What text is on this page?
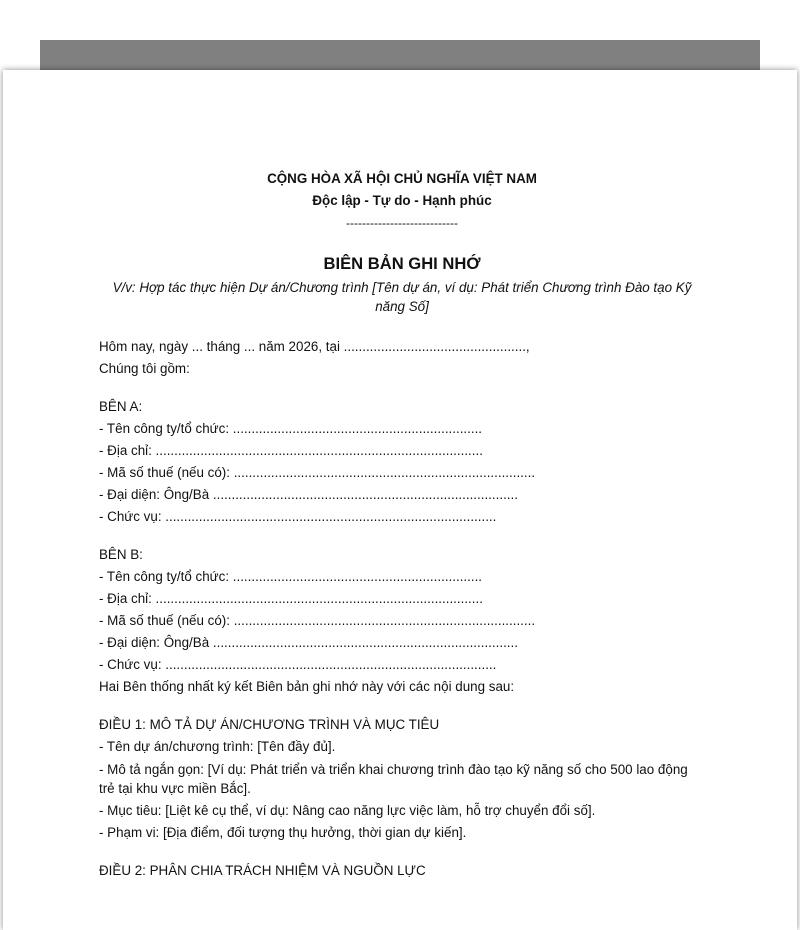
CỘNG HÒA XÃ HỘI CHỦ NGHĨA VIỆT NAM
Độc lập - Tự do - Hạnh phúc
----------------------------
BIÊN BẢN GHI NHỚ
V/v: Hợp tác thực hiện Dự án/Chương trình [Tên dự án, ví dụ: Phát triển Chương trình Đào tạo Kỹ năng Số]
Hôm nay, ngày ... tháng ... năm 2026, tại .................................................,
Chúng tôi gồm:
BÊN A:
- Tên công ty/tổ chức: ...................................................................
- Địa chỉ: ........................................................................................
- Mã số thuế (nếu có): .................................................................................
- Đại diện: Ông/Bà ..................................................................................
- Chức vụ: .........................................................................................
BÊN B:
- Tên công ty/tổ chức: ...................................................................
- Địa chỉ: ........................................................................................
- Mã số thuế (nếu có): .................................................................................
- Đại diện: Ông/Bà ..................................................................................
- Chức vụ: .........................................................................................
Hai Bên thống nhất ký kết Biên bản ghi nhớ này với các nội dung sau:
ĐIỀU 1: MÔ TẢ DỰ ÁN/CHƯƠNG TRÌNH VÀ MỤC TIÊU
- Tên dự án/chương trình: [Tên đầy đủ].
- Mô tả ngắn gọn: [Ví dụ: Phát triển và triển khai chương trình đào tạo kỹ năng số cho 500 lao động trẻ tại khu vực miền Bắc].
- Mục tiêu: [Liệt kê cụ thể, ví dụ: Nâng cao năng lực việc làm, hỗ trợ chuyển đổi số].
- Phạm vi: [Địa điểm, đối tượng thụ hưởng, thời gian dự kiến].
ĐIỀU 2: PHÂN CHIA TRÁCH NHIỆM VÀ NGUỒN LỰC
